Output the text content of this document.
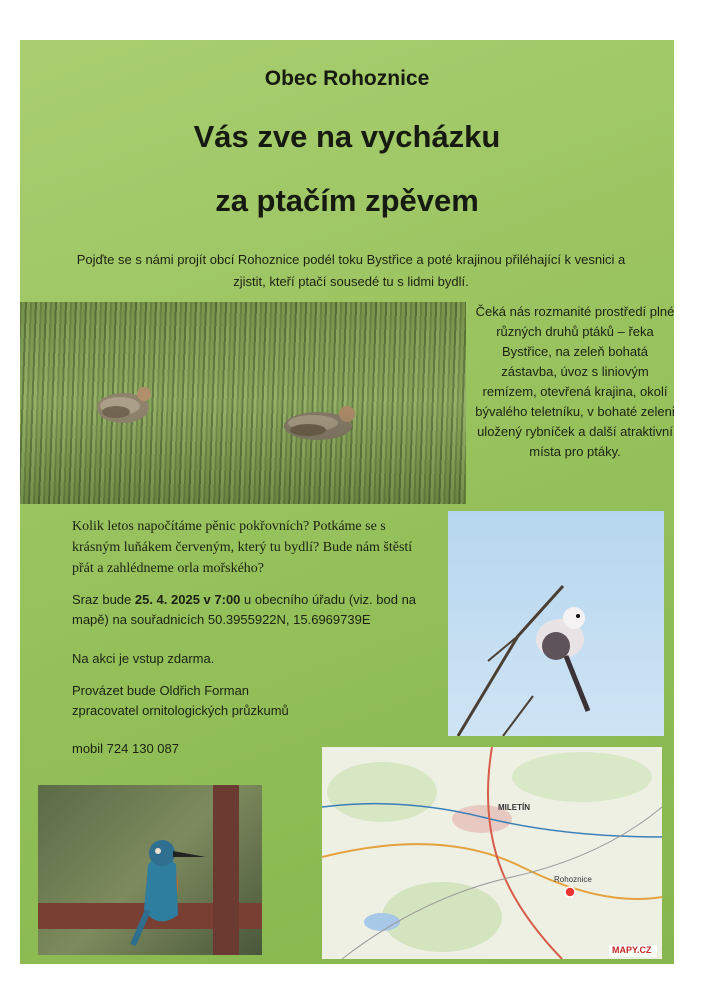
Obec Rohoznice
Vás zve na vycházku
za ptačím zpěvem
Pojďte se s námi projít obcí Rohoznice podél toku Bystřice a poté krajinou přiléhající k vesnici a zjistit, kteří ptačí sousedé tu s lidmi bydlí.
Čeká nás rozmanité prostředí plné různých druhů ptáků – řeka Bystřice, na zeleň bohatá zástavba, úvoz s liniovým remízem, otevřená krajina, okolí bývalého teletníku, v bohaté zeleni uložený rybníček a další atraktivní místa pro ptáky.
Kolik letos napočítáme pěnic pokřovních? Potkáme se s krásným luňákem červeným, který tu bydlí? Bude nám štěstí přát a zahlédneme orla mořského?
Sraz bude 25. 4. 2025 v 7:00 u obecního úřadu (viz. bod na mapě) na souřadnicích 50.3955922N, 15.6969739E
Na akci je vstup zdarma.
Provázet bude Oldřich Forman
zpracovatel ornitologických průzkumů
mobil 724 130 087
MILETÍN
Rohoznice
MAPY.CZ
